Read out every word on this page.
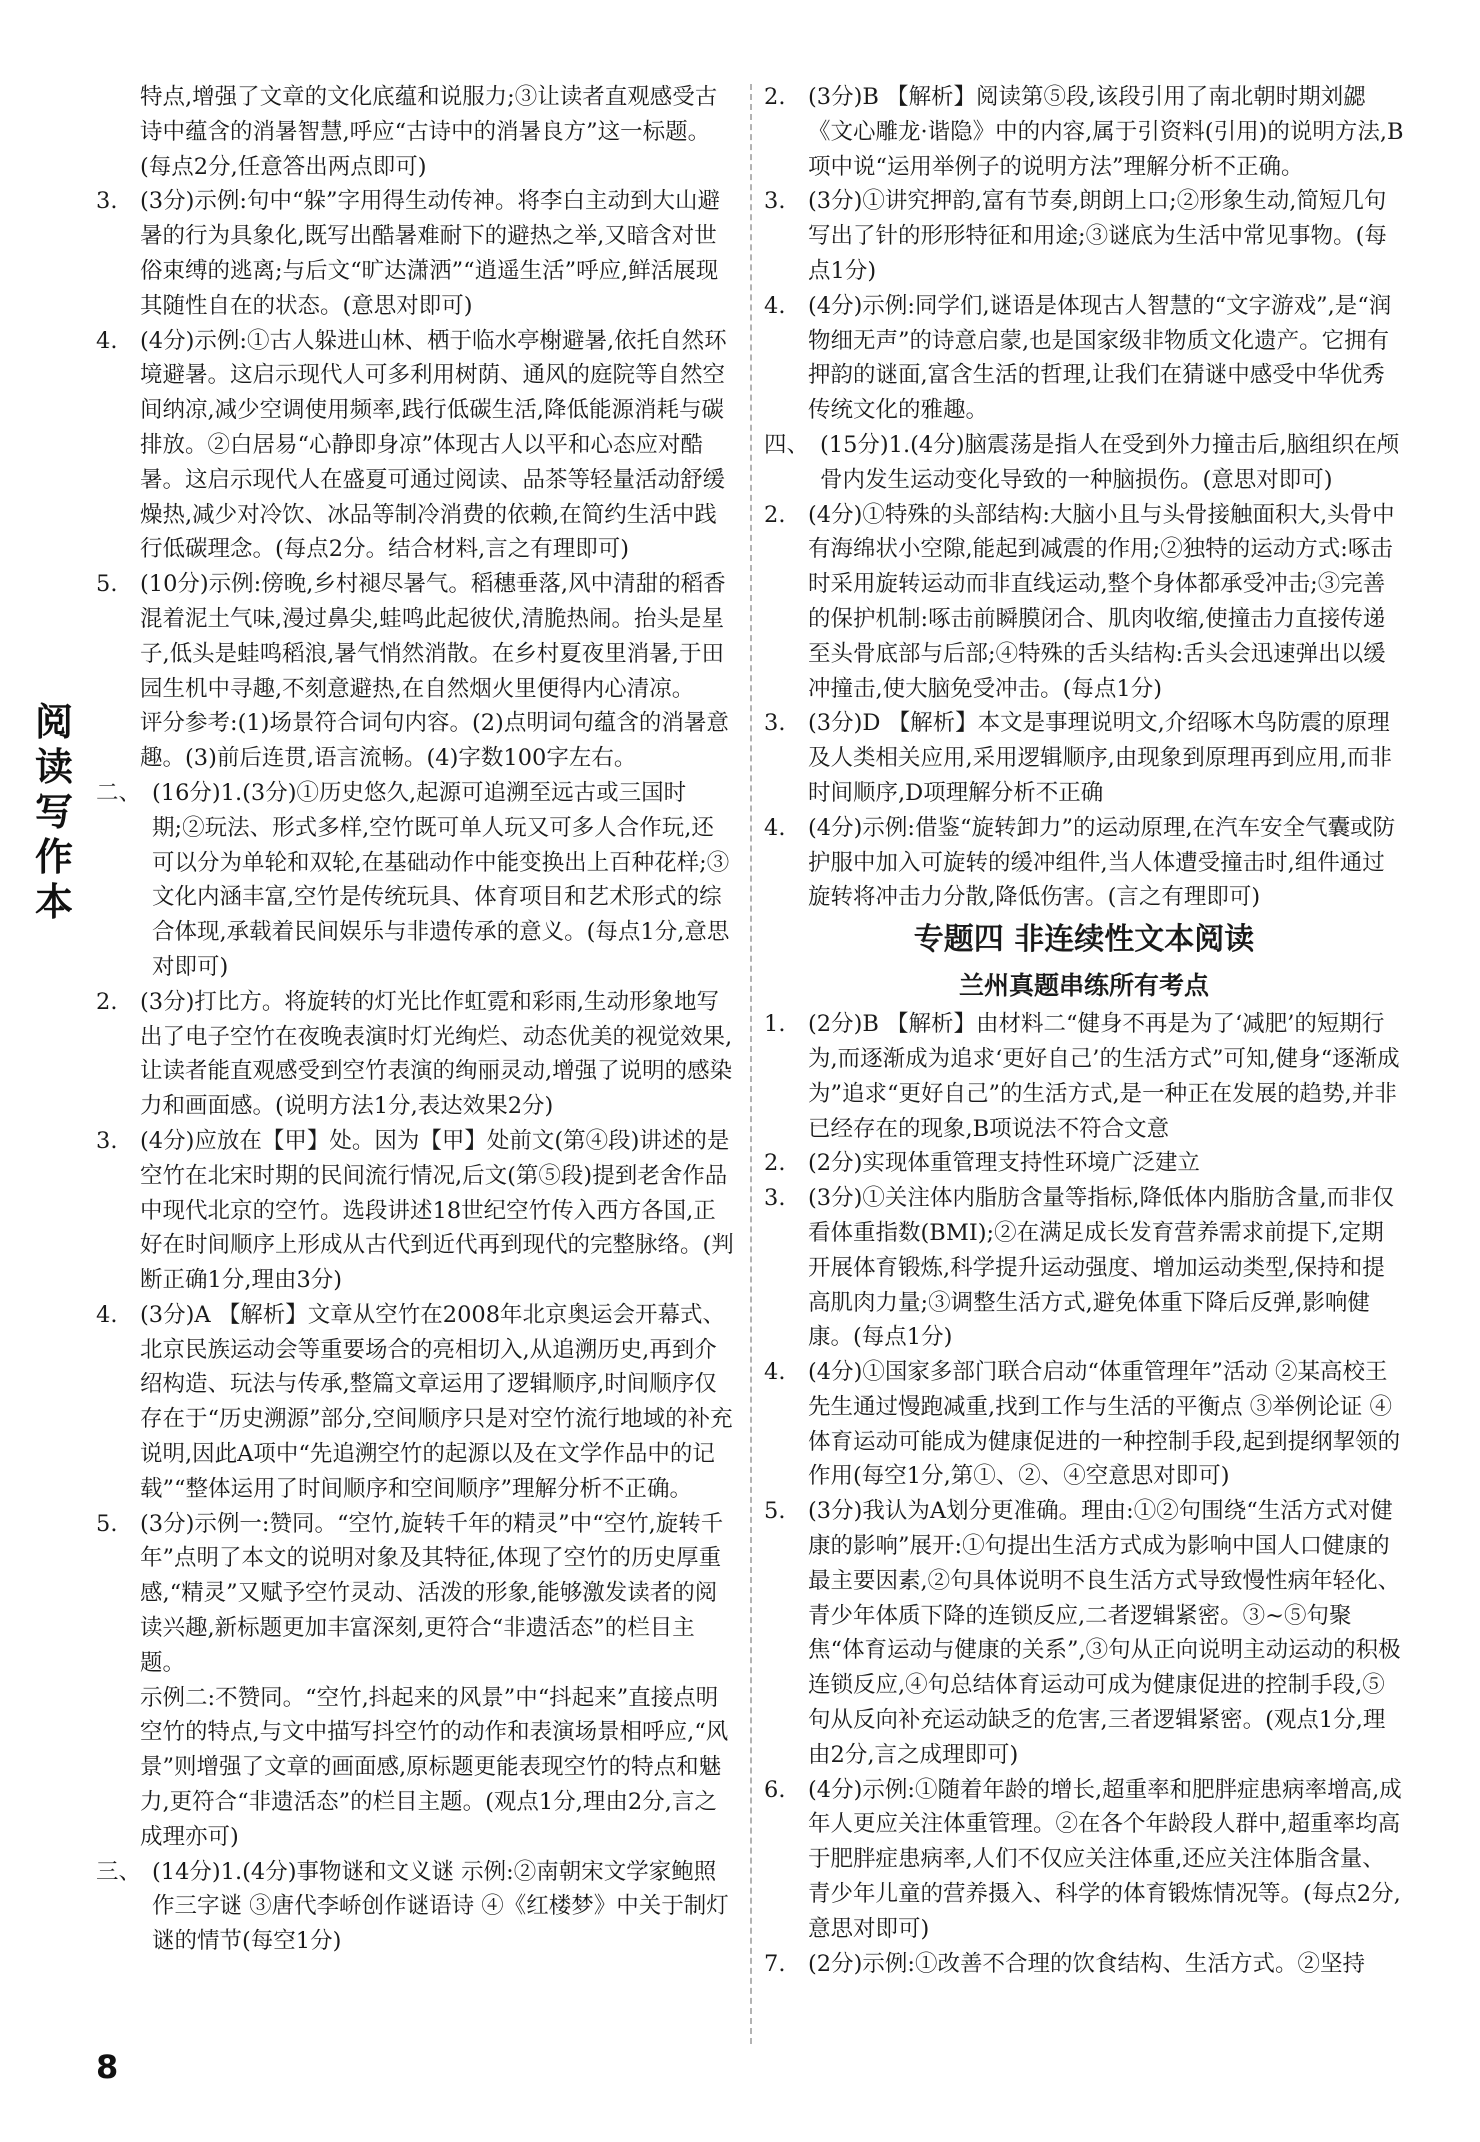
阅
读
写
作
本

特点,增强了文章的文化底蕴和说服力;③让读者直观感受古诗中蕴含的消暑智慧,呼应“古诗中的消暑良方”这一标题。(每点2分,任意答出两点即可)

3. (3分)示例:句中“躲”字用得生动传神。将李白主动到大山避暑的行为具象化,既写出酷暑难耐下的避热之举,又暗含对世俗束缚的逃离;与后文“旷达潇洒”“逍遥生活”呼应,鲜活展现其随性自在的状态。(意思对即可)

4. (4分)示例:①古人躲进山林、栖于临水亭榭避暑,依托自然环境避暑。这启示现代人可多利用树荫、通风的庭院等自然空间纳凉,减少空调使用频率,践行低碳生活,降低能源消耗与碳排放。②白居易“心静即身凉”体现古人以平和心态应对酷暑。这启示现代人在盛夏可通过阅读、品茶等轻量活动舒缓燥热,减少对冷饮、冰品等制冷消费的依赖,在简约生活中践行低碳理念。(每点2分。结合材料,言之有理即可)

5. (10分)示例:傍晚,乡村褪尽暑气。稻穗垂落,风中清甜的稻香混着泥土气味,漫过鼻尖,蛙鸣此起彼伏,清脆热闹。抬头是星子,低头是蛙鸣稻浪,暑气悄然消散。在乡村夏夜里消暑,于田园生机中寻趣,不刻意避热,在自然烟火里便得内心清凉。

评分参考:(1)场景符合词句内容。(2)点明词句蕴含的消暑意趣。(3)前后连贯,语言流畅。(4)字数100字左右。

二、 (16分)1.(3分)①历史悠久,起源可追溯至远古或三国时期;②玩法、形式多样,空竹既可单人玩又可多人合作玩,还可以分为单轮和双轮,在基础动作中能变换出上百种花样;③文化内涵丰富,空竹是传统玩具、体育项目和艺术形式的综合体现,承载着民间娱乐与非遗传承的意义。(每点1分,意思对即可)

2. (3分)打比方。将旋转的灯光比作虹霓和彩雨,生动形象地写出了电子空竹在夜晚表演时灯光绚烂、动态优美的视觉效果,让读者能直观感受到空竹表演的绚丽灵动,增强了说明的感染力和画面感。(说明方法1分,表达效果2分)

3. (4分)应放在【甲】处。因为【甲】处前文(第④段)讲述的是空竹在北宋时期的民间流行情况,后文(第⑤段)提到老舍作品中现代北京的空竹。选段讲述18世纪空竹传入西方各国,正好在时间顺序上形成从古代到近代再到现代的完整脉络。(判断正确1分,理由3分)

4. (3分)A 【解析】文章从空竹在2008年北京奥运会开幕式、北京民族运动会等重要场合的亮相切入,从追溯历史,再到介绍构造、玩法与传承,整篇文章运用了逻辑顺序,时间顺序仅存在于“历史溯源”部分,空间顺序只是对空竹流行地域的补充说明,因此A项中“先追溯空竹的起源以及在文学作品中的记载”“整体运用了时间顺序和空间顺序”理解分析不正确。

5. (3分)示例一:赞同。“空竹,旋转千年的精灵”中“空竹,旋转千年”点明了本文的说明对象及其特征,体现了空竹的历史厚重感,“精灵”又赋予空竹灵动、活泼的形象,能够激发读者的阅读兴趣,新标题更加丰富深刻,更符合“非遗活态”的栏目主题。

示例二:不赞同。“空竹,抖起来的风景”中“抖起来”直接点明空竹的特点,与文中描写抖空竹的动作和表演场景相呼应,“风景”则增强了文章的画面感,原标题更能表现空竹的特点和魅力,更符合“非遗活态”的栏目主题。(观点1分,理由2分,言之成理亦可)

三、 (14分)1.(4分)事物谜和文义谜 示例:②南朝宋文学家鲍照作三字谜 ③唐代李峤创作谜语诗 ④《红楼梦》中关于制灯谜的情节(每空1分)

2. (3分)B 【解析】阅读第⑤段,该段引用了南北朝时期刘勰《文心雕龙·谐隐》中的内容,属于引资料(引用)的说明方法,B项中说“运用举例子的说明方法”理解分析不正确。

3. (3分)①讲究押韵,富有节奏,朗朗上口;②形象生动,简短几句写出了针的形形特征和用途;③谜底为生活中常见事物。(每点1分)

4. (4分)示例:同学们,谜语是体现古人智慧的“文字游戏”,是“润物细无声”的诗意启蒙,也是国家级非物质文化遗产。它拥有押韵的谜面,富含生活的哲理,让我们在猜谜中感受中华优秀传统文化的雅趣。

四、 (15分)1.(4分)脑震荡是指人在受到外力撞击后,脑组织在颅骨内发生运动变化导致的一种脑损伤。(意思对即可)

2. (4分)①特殊的头部结构:大脑小且与头骨接触面积大,头骨中有海绵状小空隙,能起到减震的作用;②独特的运动方式:啄击时采用旋转运动而非直线运动,整个身体都承受冲击;③完善的保护机制:啄击前瞬膜闭合、肌肉收缩,使撞击力直接传递至头骨底部与后部;④特殊的舌头结构:舌头会迅速弹出以缓冲撞击,使大脑免受冲击。(每点1分)

3. (3分)D 【解析】本文是事理说明文,介绍啄木鸟防震的原理及人类相关应用,采用逻辑顺序,由现象到原理再到应用,而非时间顺序,D项理解分析不正确

4. (4分)示例:借鉴“旋转卸力”的运动原理,在汽车安全气囊或防护服中加入可旋转的缓冲组件,当人体遭受撞击时,组件通过旋转将冲击力分散,降低伤害。(言之有理即可)

专题四 非连续性文本阅读
兰州真题串练所有考点
1. (2分)B 【解析】由材料二“健身不再是为了‘减肥’的短期行为,而逐渐成为追求‘更好自己’的生活方式”可知,健身“逐渐成为”追求“更好自己”的生活方式,是一种正在发展的趋势,并非已经存在的现象,B项说法不符合文意

2. (2分)实现体重管理支持性环境广泛建立

3. (3分)①关注体内脂肪含量等指标,降低体内脂肪含量,而非仅看体重指数(BMI);②在满足成长发育营养需求前提下,定期开展体育锻炼,科学提升运动强度、增加运动类型,保持和提高肌肉力量;③调整生活方式,避免体重下降后反弹,影响健康。(每点1分)

4. (4分)①国家多部门联合启动“体重管理年”活动 ②某高校王先生通过慢跑减重,找到工作与生活的平衡点 ③举例论证 ④体育运动可能成为健康促进的一种控制手段,起到提纲挈领的作用(每空1分,第①、②、④空意思对即可)

5. (3分)我认为A划分更准确。理由:①②句围绕“生活方式对健康的影响”展开:①句提出生活方式成为影响中国人口健康的最主要因素,②句具体说明不良生活方式导致慢性病年轻化、青少年体质下降的连锁反应,二者逻辑紧密。③~⑤句聚焦“体育运动与健康的关系”,③句从正向说明主动运动的积极连锁反应,④句总结体育运动可成为健康促进的控制手段,⑤句从反向补充运动缺乏的危害,三者逻辑紧密。(观点1分,理由2分,言之成理即可)

6. (4分)示例:①随着年龄的增长,超重率和肥胖症患病率增高,成年人更应关注体重管理。②在各个年龄段人群中,超重率均高于肥胖症患病率,人们不仅应关注体重,还应关注体脂含量、青少年儿童的营养摄入、科学的体育锻炼情况等。(每点2分,意思对即可)

7. (2分)示例:①改善不合理的饮食结构、生活方式。②坚持

8
